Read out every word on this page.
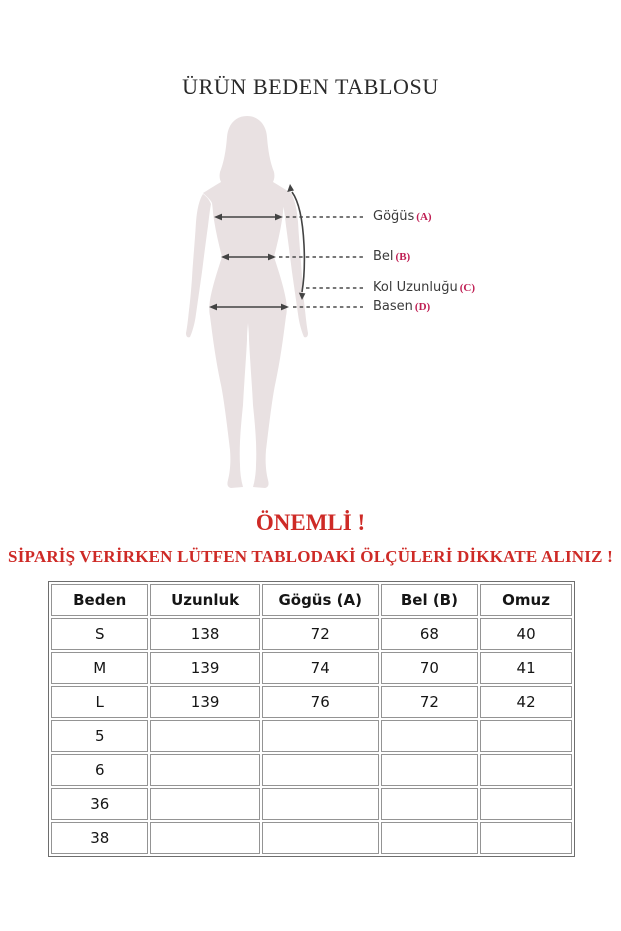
ÜRÜN BEDEN TABLOSU
Göğüs (A)
Bel (B)
Kol Uzunluğu (C)
Basen (D)
ÖNEMLİ !
SİPARİŞ VERİRKEN LÜTFEN TABLODAKİ ÖLÇÜLERİ DİKKATE ALINIZ !
Beden	Uzunluk	Gögüs (A)	Bel (B)	Omuz
S	138	72	68	40
M	139	74	70	41
L	139	76	72	42
5				
6				
36				
38				
